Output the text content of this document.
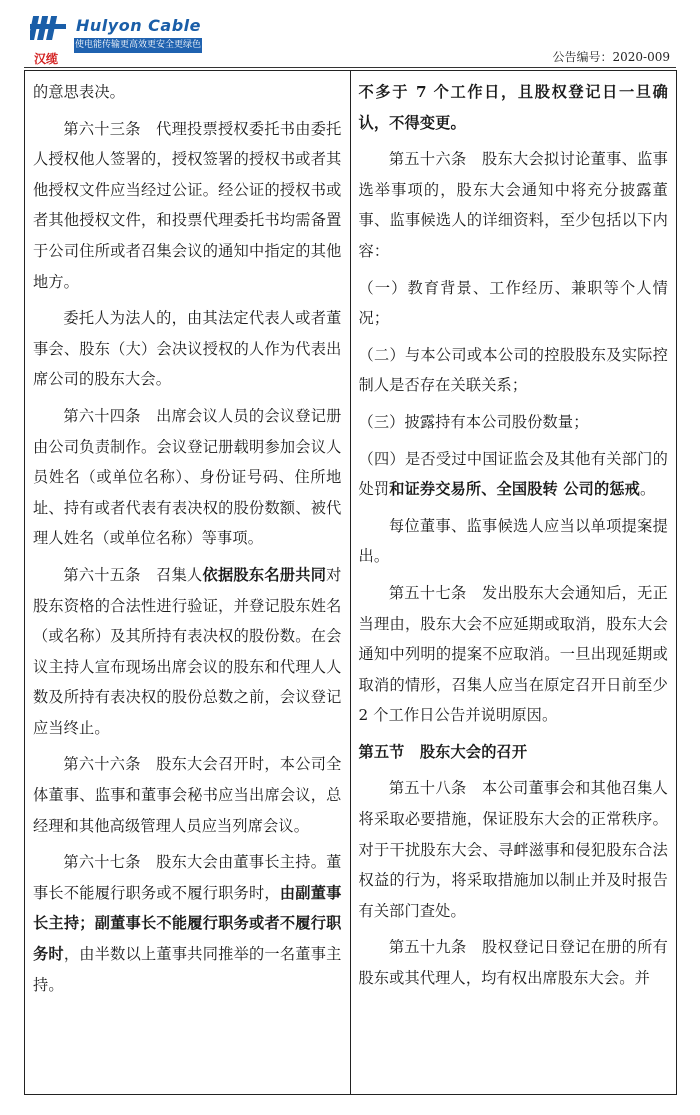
Hulyon Cable
使电能传输更高效更安全更绿色
汉缆	公告编号：2020-009

的意思表决。

第六十三条　代理投票授权委托书由委托人授权他人签署的，授权签署的授权书或者其他授权文件应当经过公证。经公证的授权书或者其他授权文件，和投票代理委托书均需备置于公司住所或者召集会议的通知中指定的其他地方。

委托人为法人的，由其法定代表人或者董事会、股东（大）会决议授权的人作为代表出席公司的股东大会。

第六十四条　出席会议人员的会议登记册由公司负责制作。会议登记册载明参加会议人员姓名（或单位名称）、身份证号码、住所地址、持有或者代表有表决权的股份数额、被代理人姓名（或单位名称）等事项。

第六十五条　召集人依据股东名册共同对股东资格的合法性进行验证，并登记股东姓名（或名称）及其所持有表决权的股份数。在会议主持人宣布现场出席会议的股东和代理人人数及所持有表决权的股份总数之前，会议登记应当终止。

第六十六条　股东大会召开时，本公司全体董事、监事和董事会秘书应当出席会议，总经理和其他高级管理人员应当列席会议。

第六十七条　股东大会由董事长主持。董事长不能履行职务或不履行职务时，由副董事长主持；副董事长不能履行职务或者不履行职务时，由半数以上董事共同推举的一名董事主持。

不多于 7 个工作日，且股权登记日一旦确认，不得变更。

第五十六条　股东大会拟讨论董事、监事选举事项的，股东大会通知中将充分披露董事、监事候选人的详细资料，至少包括以下内容：

（一）教育背景、工作经历、兼职等个人情况；

（二）与本公司或本公司的控股股东及实际控制人是否存在关联关系；

（三）披露持有本公司股份数量；

（四）是否受过中国证监会及其他有关部门的处罚和证券交易所、全国股转 公司的惩戒。

每位董事、监事候选人应当以单项提案提出。

第五十七条　发出股东大会通知后，无正当理由，股东大会不应延期或取消，股东大会通知中列明的提案不应取消。一旦出现延期或取消的情形，召集人应当在原定召开日前至少 2 个工作日公告并说明原因。

第五节　股东大会的召开

第五十八条　本公司董事会和其他召集人将采取必要措施，保证股东大会的正常秩序。对于干扰股东大会、寻衅滋事和侵犯股东合法权益的行为，将采取措施加以制止并及时报告有关部门查处。

第五十九条　股权登记日登记在册的所有股东或其代理人，均有权出席股东大会。并
